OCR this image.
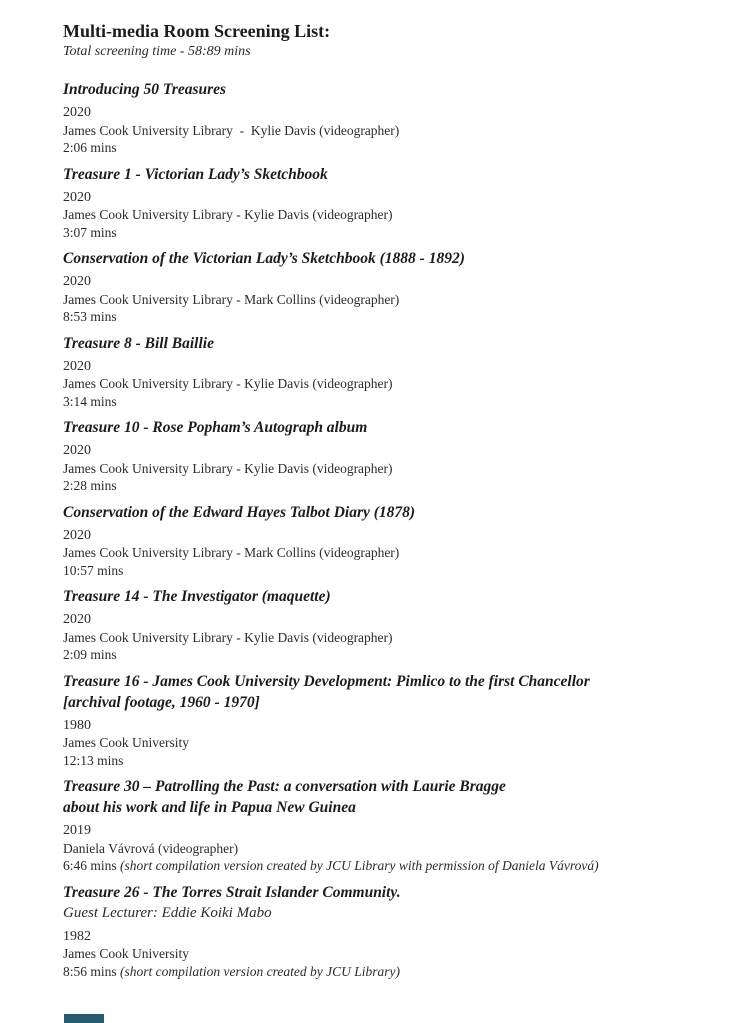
Multi-media Room Screening List:

Total screening time - 58:89 mins

Introducing 50 Treasures

2020

James Cook University Library  -  Kylie Davis (videographer)

2:06 mins

Treasure 1 - Victorian Lady’s Sketchbook

2020

James Cook University Library - Kylie Davis (videographer)

3:07 mins

Conservation of the Victorian Lady’s Sketchbook (1888 - 1892)

2020

James Cook University Library - Mark Collins (videographer)

8:53 mins

Treasure 8 - Bill Baillie

2020

James Cook University Library - Kylie Davis (videographer)

3:14 mins

Treasure 10 - Rose Popham’s Autograph album

2020

James Cook University Library - Kylie Davis (videographer)

2:28 mins

Conservation of the Edward Hayes Talbot Diary (1878)

2020

James Cook University Library - Mark Collins (videographer)

10:57 mins

Treasure 14 - The Investigator (maquette)

2020

James Cook University Library - Kylie Davis (videographer)

2:09 mins

Treasure 16 - James Cook University Development: Pimlico to the first Chancellor
[archival footage, 1960 - 1970]

1980

James Cook University

12:13 mins

Treasure 30 – Patrolling the Past: a conversation with Laurie Bragge
about his work and life in Papua New Guinea

2019

Daniela Vávrová (videographer)

6:46 mins (short compilation version created by JCU Library with permission of Daniela Vávrová)

Treasure 26 - The Torres Strait Islander Community.

Guest Lecturer: Eddie Koiki Mabo

1982

James Cook University

8:56 mins (short compilation version created by JCU Library)
